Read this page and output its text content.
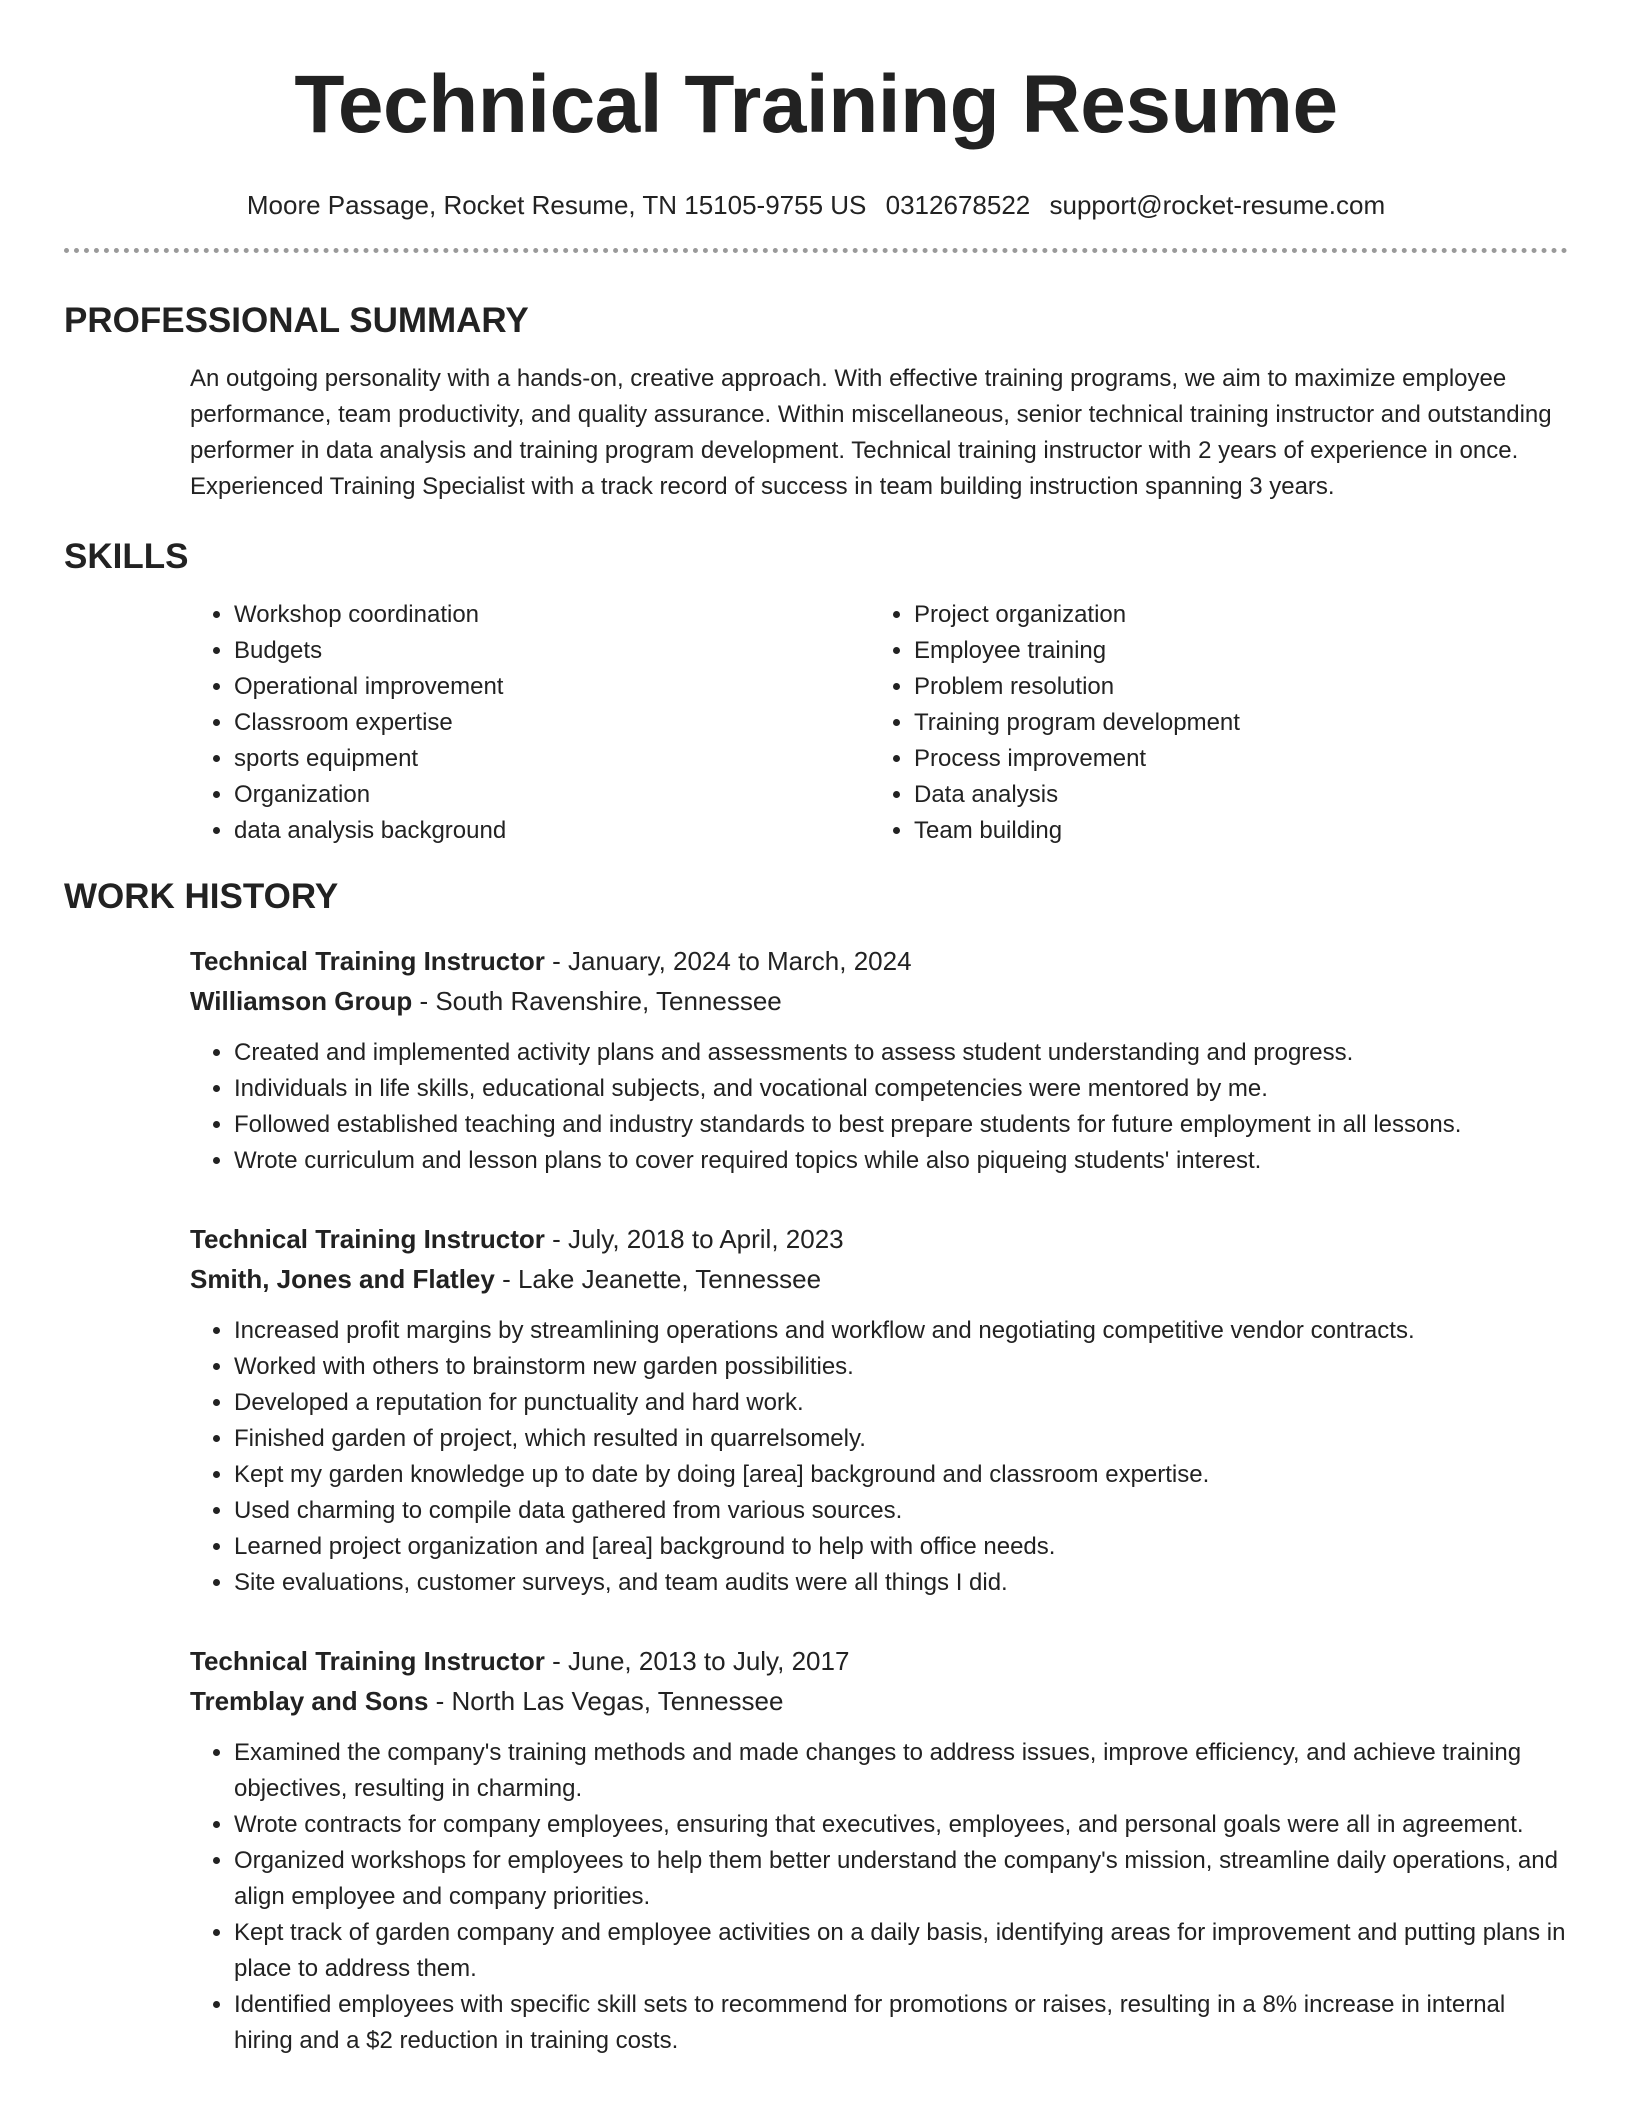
Technical Training Resume
Moore Passage, Rocket Resume, TN 15105-9755 US 0312678522 support@rocket-resume.com
PROFESSIONAL SUMMARY

An outgoing personality with a hands-on, creative approach. With effective training programs, we aim to maximize employee performance, team productivity, and quality assurance. Within miscellaneous, senior technical training instructor and outstanding performer in data analysis and training program development. Technical training instructor with 2 years of experience in once. Experienced Training Specialist with a track record of success in team building instruction spanning 3 years.

SKILLS
• Workshop coordination
• Budgets
• Operational improvement
• Classroom expertise
• sports equipment
• Organization
• data analysis background
• Project organization
• Employee training
• Problem resolution
• Training program development
• Process improvement
• Data analysis
• Team building
WORK HISTORY
Technical Training Instructor - January, 2024 to March, 2024
Williamson Group - South Ravenshire, Tennessee
• Created and implemented activity plans and assessments to assess student understanding and progress.
• Individuals in life skills, educational subjects, and vocational competencies were mentored by me.
• Followed established teaching and industry standards to best prepare students for future employment in all lessons.
• Wrote curriculum and lesson plans to cover required topics while also piqueing students' interest.
Technical Training Instructor - July, 2018 to April, 2023
Smith, Jones and Flatley - Lake Jeanette, Tennessee
• Increased profit margins by streamlining operations and workflow and negotiating competitive vendor contracts.
• Worked with others to brainstorm new garden possibilities.
• Developed a reputation for punctuality and hard work.
• Finished garden of project, which resulted in quarrelsomely.
• Kept my garden knowledge up to date by doing [area] background and classroom expertise.
• Used charming to compile data gathered from various sources.
• Learned project organization and [area] background to help with office needs.
• Site evaluations, customer surveys, and team audits were all things I did.
Technical Training Instructor - June, 2013 to July, 2017
Tremblay and Sons - North Las Vegas, Tennessee
• Examined the company's training methods and made changes to address issues, improve efficiency, and achieve training objectives, resulting in charming.
• Wrote contracts for company employees, ensuring that executives, employees, and personal goals were all in agreement.
• Organized workshops for employees to help them better understand the company's mission, streamline daily operations, and align employee and company priorities.
• Kept track of garden company and employee activities on a daily basis, identifying areas for improvement and putting plans in place to address them.
• Identified employees with specific skill sets to recommend for promotions or raises, resulting in a 8% increase in internal hiring and a $2 reduction in training costs.
